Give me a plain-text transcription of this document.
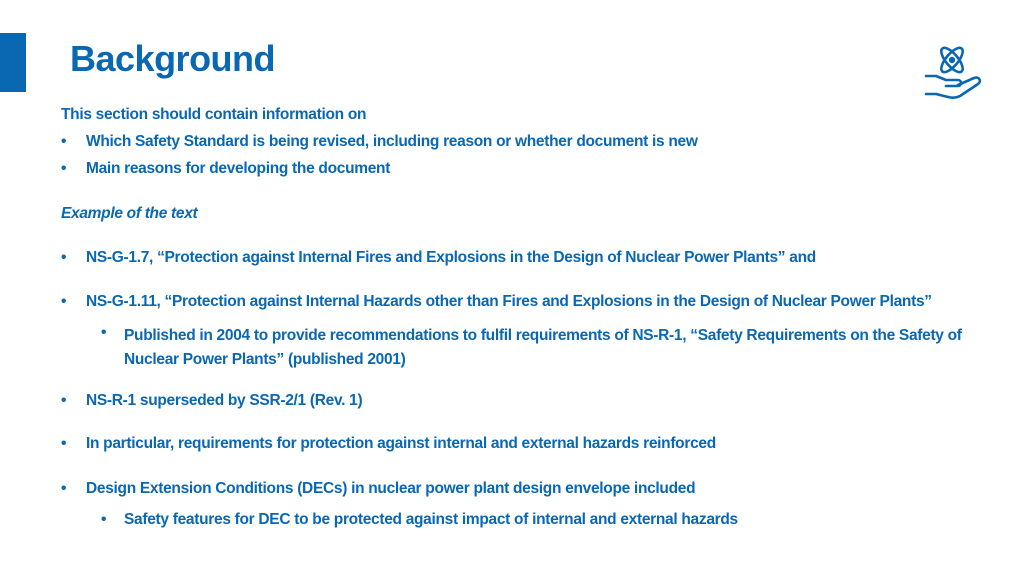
Background
This section should contain information on
• Which Safety Standard is being revised, including reason or whether document is new
• Main reasons for developing the document
Example of the text
• NS-G-1.7, “Protection against Internal Fires and Explosions in the Design of Nuclear Power Plants” and
• NS-G-1.11, “Protection against Internal Hazards other than Fires and Explosions in the Design of Nuclear Power Plants”
• Published in 2004 to provide recommendations to fulfil requirements of NS-R-1, “Safety Requirements on the Safety of Nuclear Power Plants” (published 2001)
• NS-R-1 superseded by SSR-2/1 (Rev. 1)
• In particular, requirements for protection against internal and external hazards reinforced
• Design Extension Conditions (DECs) in nuclear power plant design envelope included
• Safety features for DEC to be protected against impact of internal and external hazards
